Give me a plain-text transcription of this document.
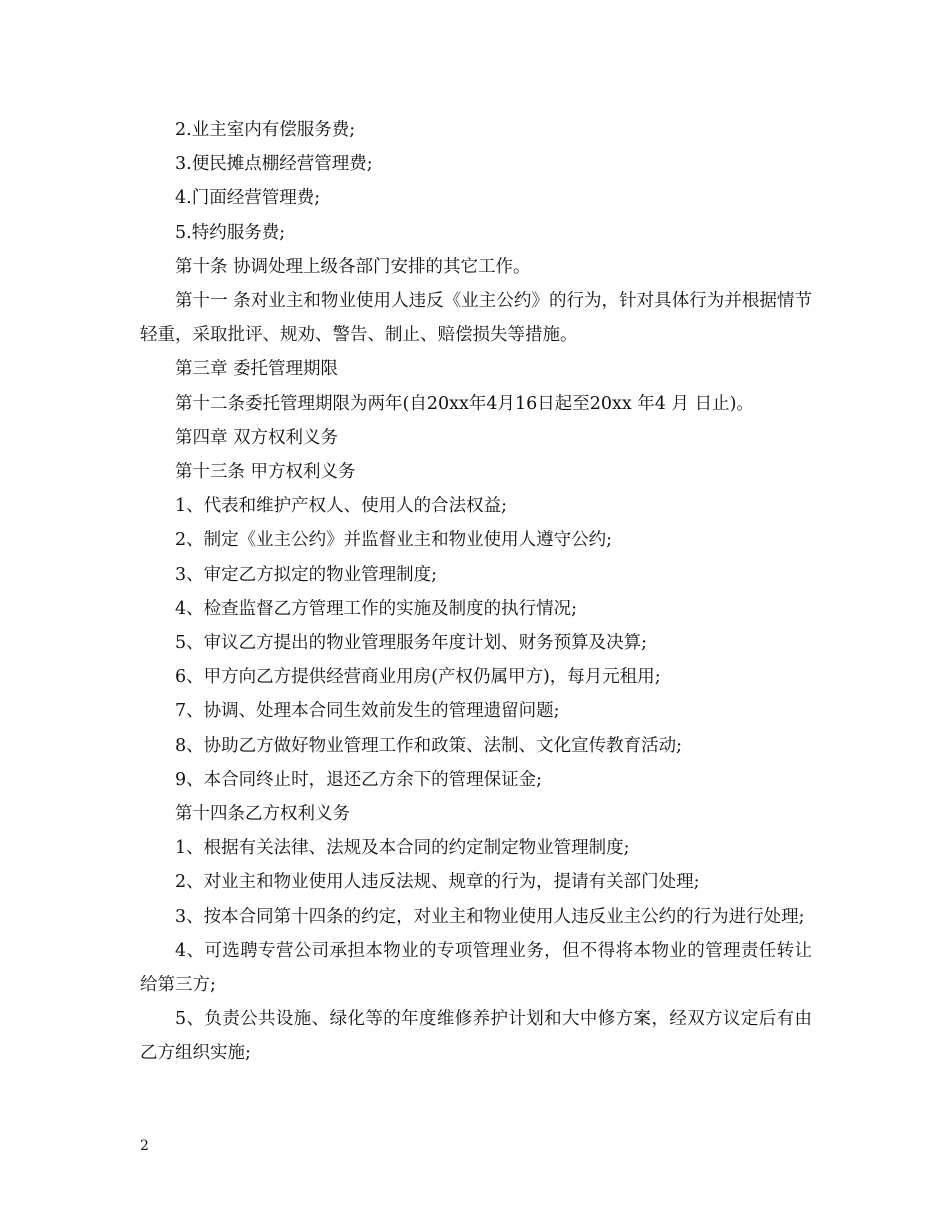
2.业主室内有偿服务费;

3.便民摊点棚经营管理费;

4.门面经营管理费;

5.特约服务费;

第十条 协调处理上级各部门安排的其它工作。

第十一 条对业主和物业使用人违反《业主公约》的行为，针对具体行为并根据情节轻重，采取批评、规劝、警告、制止、赔偿损失等措施。

第三章 委托管理期限

第十二条委托管理期限为两年(自20xx年4月16日起至20xx 年4 月 日止)。

第四章 双方权利义务

第十三条 甲方权利义务

1、代表和维护产权人、使用人的合法权益;

2、制定《业主公约》并监督业主和物业使用人遵守公约;

3、审定乙方拟定的物业管理制度;

4、检查监督乙方管理工作的实施及制度的执行情况;

5、审议乙方提出的物业管理服务年度计划、财务预算及决算;

6、甲方向乙方提供经营商业用房(产权仍属甲方)，每月元租用;

7、协调、处理本合同生效前发生的管理遗留问题;

8、协助乙方做好物业管理工作和政策、法制、文化宣传教育活动;

9、本合同终止时，退还乙方余下的管理保证金;

第十四条乙方权利义务

1、根据有关法律、法规及本合同的约定制定物业管理制度;

2、对业主和物业使用人违反法规、规章的行为，提请有关部门处理;

3、按本合同第十四条的约定，对业主和物业使用人违反业主公约的行为进行处理;

4、可选聘专营公司承担本物业的专项管理业务，但不得将本物业的管理责任转让给第三方;

5、负责公共设施、绿化等的年度维修养护计划和大中修方案，经双方议定后有由乙方组织实施;

2
